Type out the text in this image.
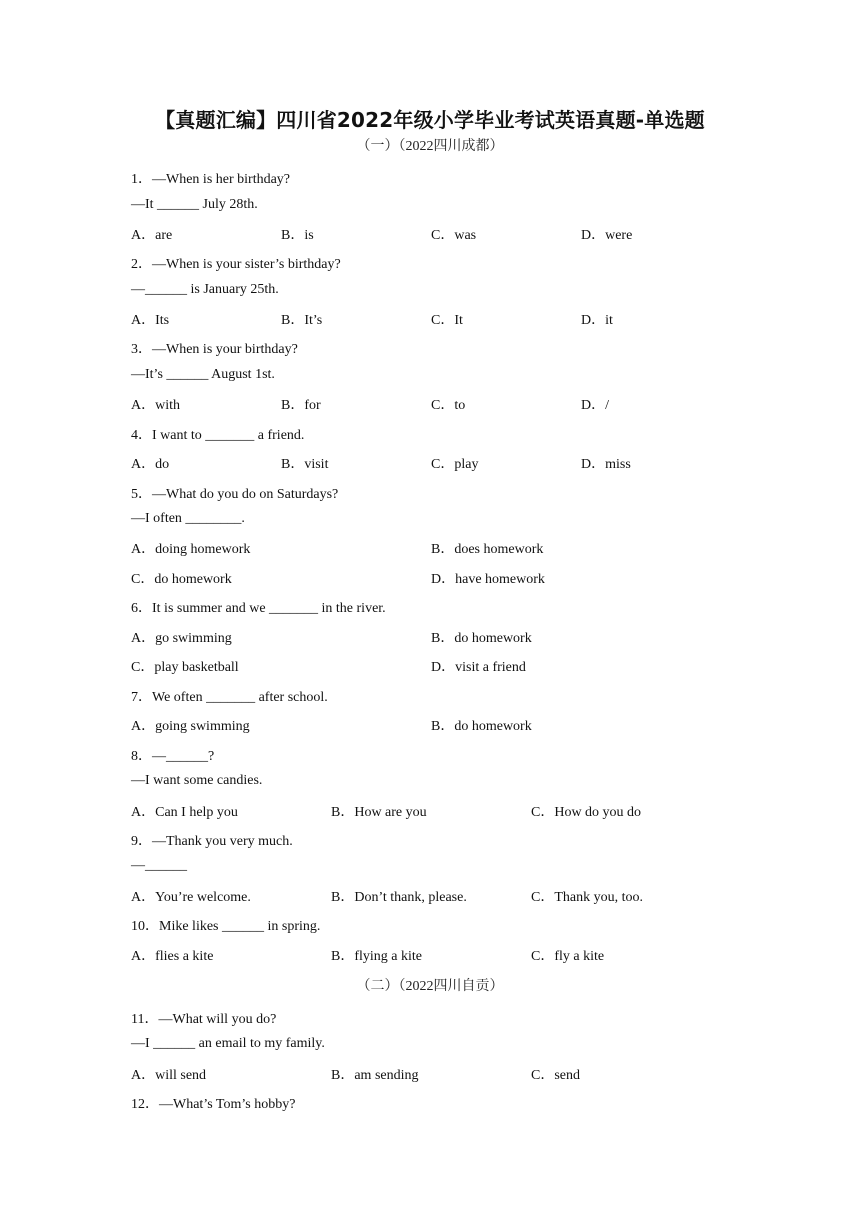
【真题汇编】四川省2022年级小学毕业考试英语真题-单选题
（一）（2022四川成都）
1．—When is her birthday?
—It ______ July 28th.
A．are	B．is	C．was	D．were
2．—When is your sister’s birthday?
—______ is January 25th.
A．Its	B．It’s	C．It	D．it
3．—When is your birthday?
—It’s ______ August 1st.
A．with	B．for	C．to	D．/
4．I want to _______ a friend.
A．do	B．visit	C．play	D．miss
5．—What do you do on Saturdays?
—I often ________.
A．doing homework	B．does homework
C．do homework	D．have homework
6．It is summer and we _______ in the river.
A．go swimming	B．do homework
C．play basketball	D．visit a friend
7．We often _______ after school.
A．going swimming	B．do homework
8．—______?
—I want some candies.
A．Can I help you	B．How are you	C．How do you do
9．—Thank you very much.
—______
A．You’re welcome.	B．Don’t thank, please.	C．Thank you, too.
10．Mike likes ______ in spring.
A．flies a kite	B．flying a kite	C．fly a kite
（二）（2022四川自贡）
11．—What will you do?
—I ______ an email to my family.
A．will send	B．am sending	C．send
12．—What’s Tom’s hobby?
